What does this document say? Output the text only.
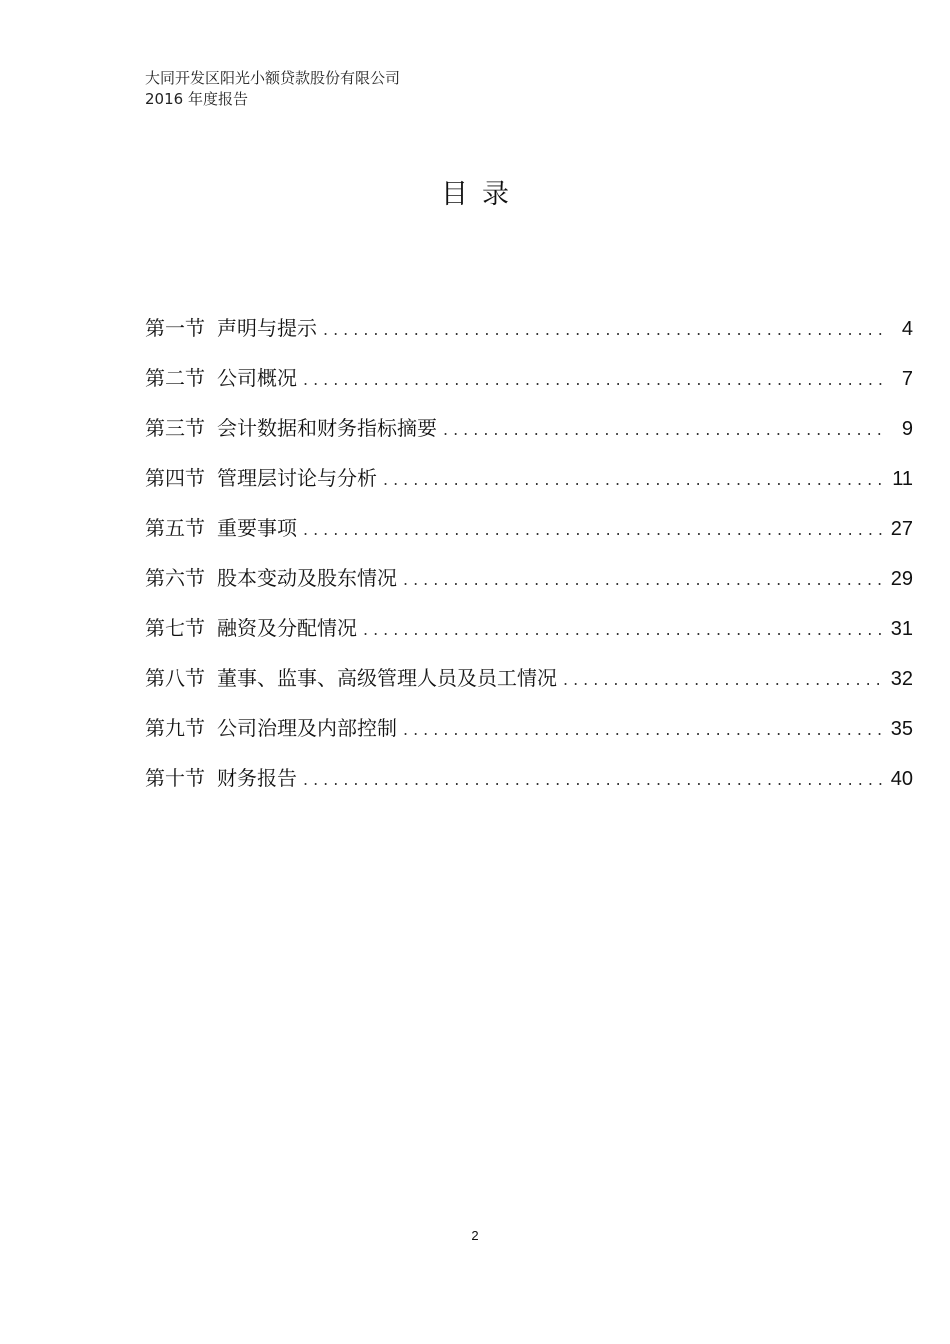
大同开发区阳光小额贷款股份有限公司
2016 年度报告
目录
第一节 声明与提示 .....	4
第二节 公司概况 .....	7
第三节 会计数据和财务指标摘要 .....	9
第四节 管理层讨论与分析 .....	11
第五节 重要事项 .....	27
第六节 股本变动及股东情况 .....	29
第七节 融资及分配情况 .....	31
第八节 董事、监事、高级管理人员及员工情况 .....	32
第九节 公司治理及内部控制 .....	35
第十节 财务报告 .....	40
2
